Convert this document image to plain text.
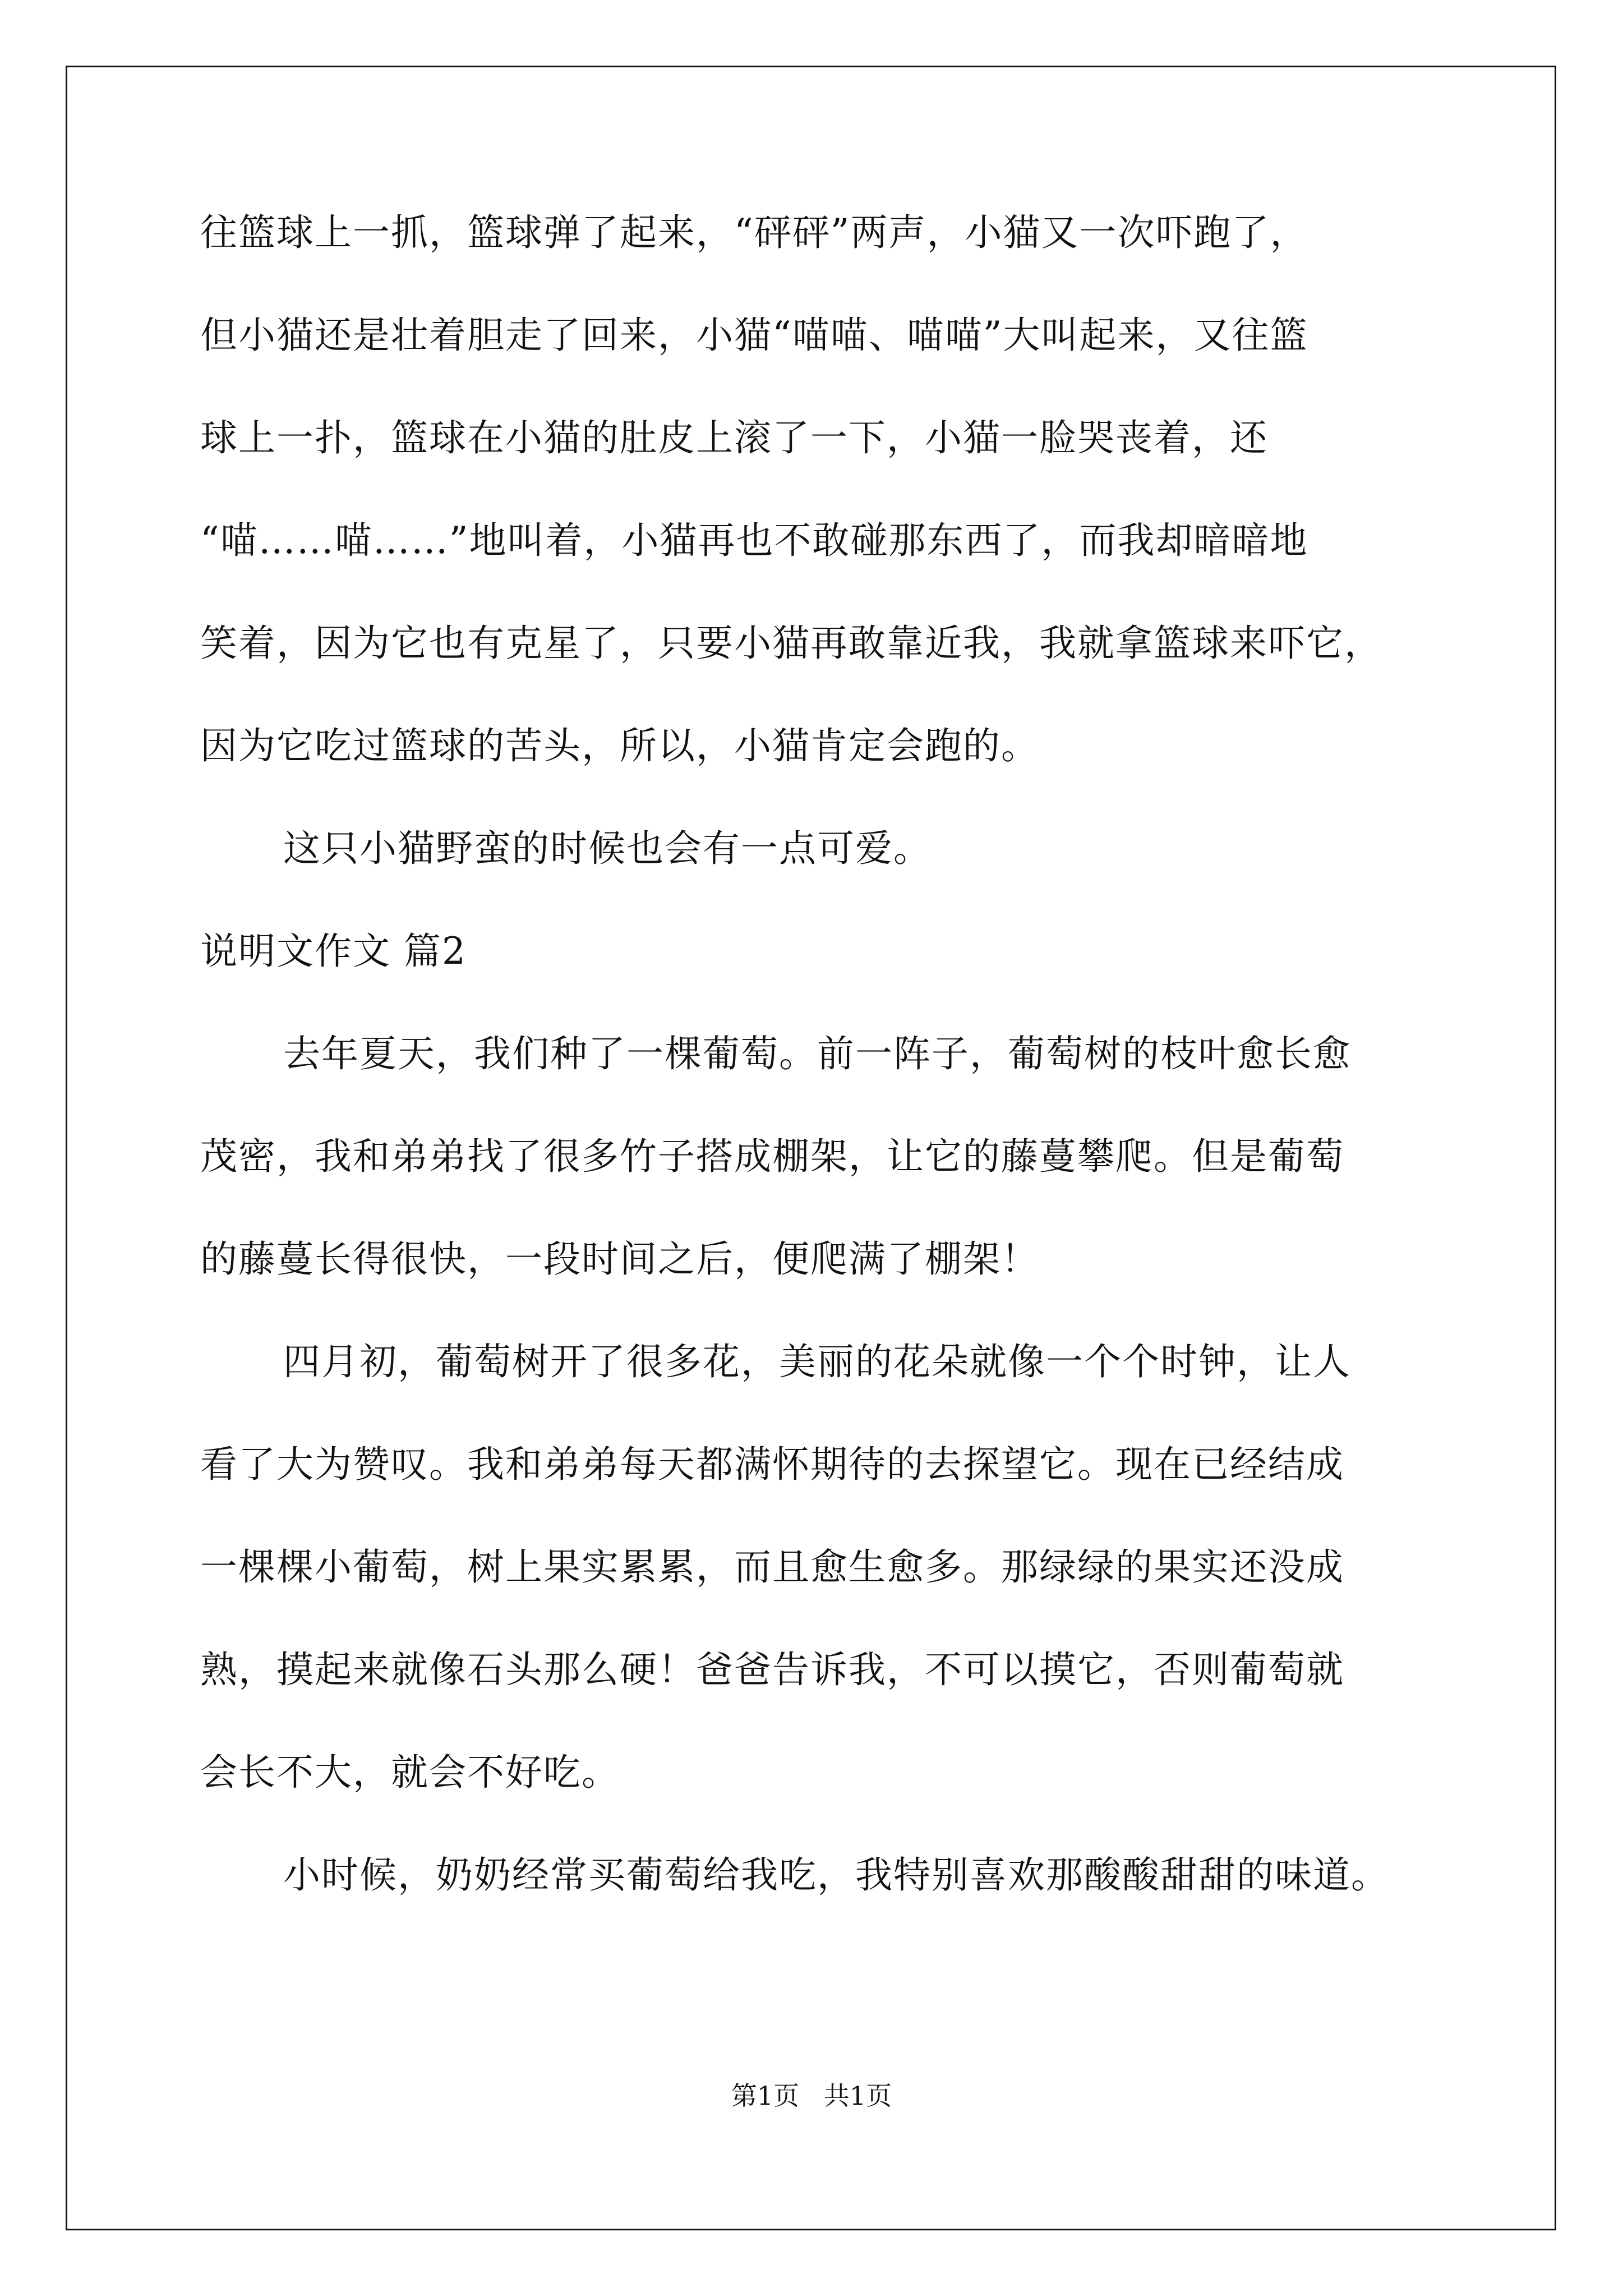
往篮球上一抓，篮球弹了起来，“砰砰”两声，小猫又一次吓跑了，

但小猫还是壮着胆走了回来，小猫“喵喵、喵喵”大叫起来，又往篮

球上一扑，篮球在小猫的肚皮上滚了一下，小猫一脸哭丧着，还

“喵……喵……”地叫着，小猫再也不敢碰那东西了，而我却暗暗地

笑着，因为它也有克星了，只要小猫再敢靠近我，我就拿篮球来吓它，

因为它吃过篮球的苦头，所以，小猫肯定会跑的。

这只小猫野蛮的时候也会有一点可爱。

说明文作文 篇2

去年夏天，我们种了一棵葡萄。前一阵子，葡萄树的枝叶愈长愈

茂密，我和弟弟找了很多竹子搭成棚架，让它的藤蔓攀爬。但是葡萄

的藤蔓长得很快，一段时间之后，便爬满了棚架！

四月初，葡萄树开了很多花，美丽的花朵就像一个个时钟，让人

看了大为赞叹。我和弟弟每天都满怀期待的去探望它。现在已经结成

一棵棵小葡萄，树上果实累累，而且愈生愈多。那绿绿的果实还没成

熟，摸起来就像石头那么硬！爸爸告诉我，不可以摸它，否则葡萄就

会长不大，就会不好吃。

小时候，奶奶经常买葡萄给我吃，我特别喜欢那酸酸甜甜的味道。

第1页   共1页
